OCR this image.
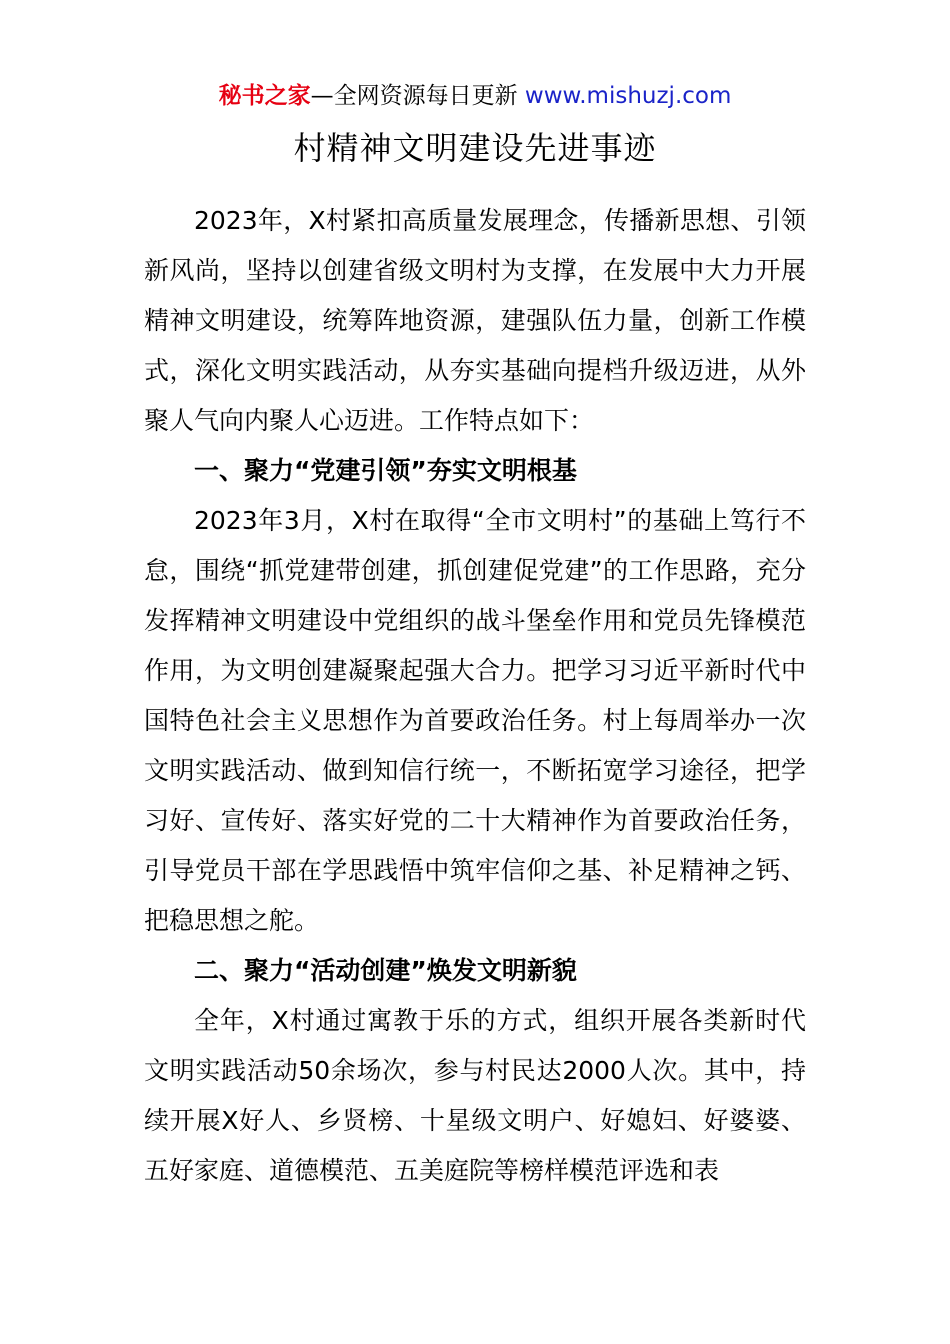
秘书之家—全网资源每日更新 www.mishuzj.com
村精神文明建设先进事迹

2023年，X村紧扣高质量发展理念，传播新思想、引领新风尚，坚持以创建省级文明村为支撑，在发展中大力开展精神文明建设，统筹阵地资源，建强队伍力量，创新工作模式，深化文明实践活动，从夯实基础向提档升级迈进，从外聚人气向内聚人心迈进。工作特点如下：

一、聚力“党建引领”夯实文明根基

2023年3月，X村在取得“全市文明村”的基础上笃行不怠，围绕“抓党建带创建，抓创建促党建”的工作思路，充分发挥精神文明建设中党组织的战斗堡垒作用和党员先锋模范作用，为文明创建凝聚起强大合力。把学习习近平新时代中国特色社会主义思想作为首要政治任务。村上每周举办一次文明实践活动、做到知信行统一，不断拓宽学习途径，把学习好、宣传好、落实好党的二十大精神作为首要政治任务，引导党员干部在学思践悟中筑牢信仰之基、补足精神之钙、把稳思想之舵。

二、聚力“活动创建”焕发文明新貌

全年，X村通过寓教于乐的方式，组织开展各类新时代文明实践活动50余场次，参与村民达2000人次。其中，持续开展X好人、乡贤榜、十星级文明户、好媳妇、好婆婆、五好家庭、道德模范、五美庭院等榜样模范评选和表
